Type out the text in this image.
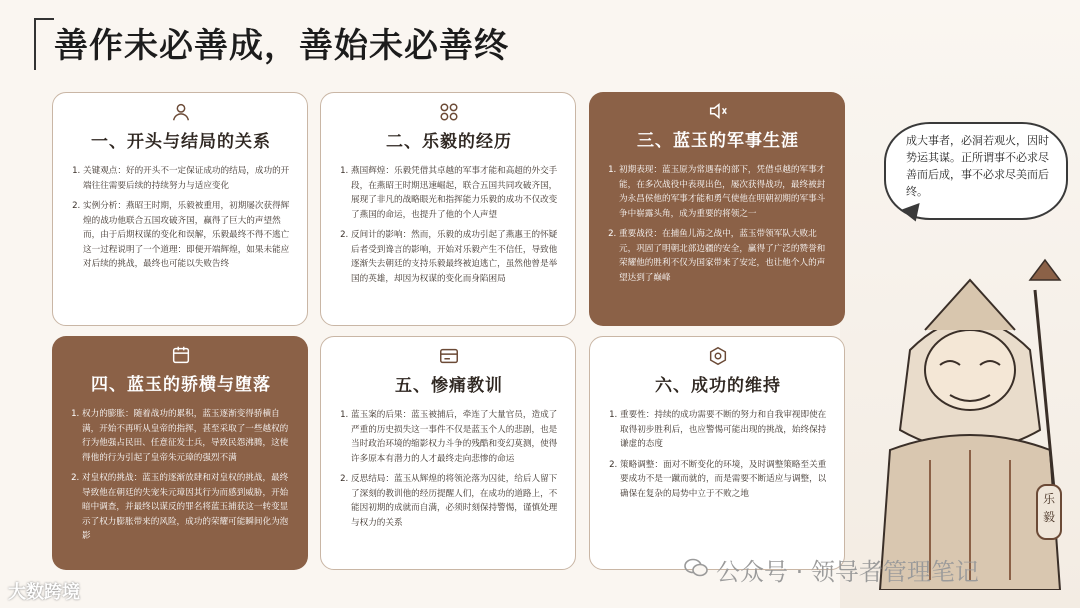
善作未必善成，善始未必善终
一、开头与结局的关系
1. 关键观点：好的开头不一定保证成功的结局，成功的开端往往需要后续的持续努力与适应变化
2. 实例分析：燕昭王时期，乐毅被重用，初期屡次获得辉煌的战功他联合五国攻破齐国，赢得了巨大的声望然而，由于后期权谋的变化和误解，乐毅最终不得不逃亡这一过程说明了一个道理：即便开端辉煌，如果未能应对后续的挑战，最终也可能以失败告终
二、乐毅的经历
1. 燕国辉煌：乐毅凭借其卓越的军事才能和高超的外交手段，在燕昭王时期迅速崛起，联合五国共同攻破齐国，展现了非凡的战略眼光和指挥能力乐毅的成功不仅改变了燕国的命运，也提升了他的个人声望
2. 反间计的影响：然而，乐毅的成功引起了燕惠王的怀疑后者受到谗言的影响，开始对乐毅产生不信任，导致他逐渐失去朝廷的支持乐毅最终被迫逃亡，虽然他曾是举国的英雄，却因为权谋的变化而身陷困局
三、蓝玉的军事生涯
1. 初期表现：蓝玉原为常遇春的部下，凭借卓越的军事才能，在多次战役中表现出色，屡次获得战功，最终被封为永昌侯他的军事才能和勇气使他在明朝初期的军事斗争中崭露头角，成为重要的将领之一
2. 重要战役：在捕鱼儿海之战中，蓝玉带领军队大败北元，巩固了明朝北部边疆的安全，赢得了广泛的赞誉和荣耀他的胜利不仅为国家带来了安定，也让他个人的声望达到了巅峰
四、蓝玉的骄横与堕落
1. 权力的膨胀：随着战功的累积，蓝玉逐渐变得骄横自满，开始不再听从皇帝的指挥，甚至采取了一些越权的行为他强占民田、任意征发士兵，导致民怨沸腾，这使得他的行为引起了皇帝朱元璋的强烈不满
2. 对皇权的挑战：蓝玉的逐渐放肆和对皇权的挑战，最终导致他在朝廷的失宠朱元璋因其行为而感到威胁，开始暗中调查，并最终以谋反的罪名将蓝玉捕获这一转变显示了权力膨胀带来的风险，成功的荣耀可能瞬间化为泡影
五、惨痛教训
1. 蓝玉案的后果：蓝玉被捕后，牵连了大量官员，造成了严重的历史损失这一事件不仅是蓝玉个人的悲剧，也是当时政治环境的缩影权力斗争的残酷和变幻莫测，使得许多原本有潜力的人才最终走向悲惨的命运
2. 反思结局：蓝玉从辉煌的将领沦落为囚徒，给后人留下了深刻的教训他的经历提醒人们，在成功的道路上，不能因初期的成就而自满，必须时刻保持警惕，谨慎处理与权力的关系
六、成功的维持
1. 重要性：持续的成功需要不断的努力和自我审视即使在取得初步胜利后，也应警惕可能出现的挑战，始终保持谦虚的态度
2. 策略调整：面对不断变化的环境，及时调整策略至关重要成功不是一蹴而就的，而是需要不断适应与调整，以确保在复杂的局势中立于不败之地
成大事者，必洞若观火，因时势运其谋。正所谓事不必求尽善而后成，事不必求尽美而后终。
乐毅
大数跨境
公众号 · 领导者管理笔记
